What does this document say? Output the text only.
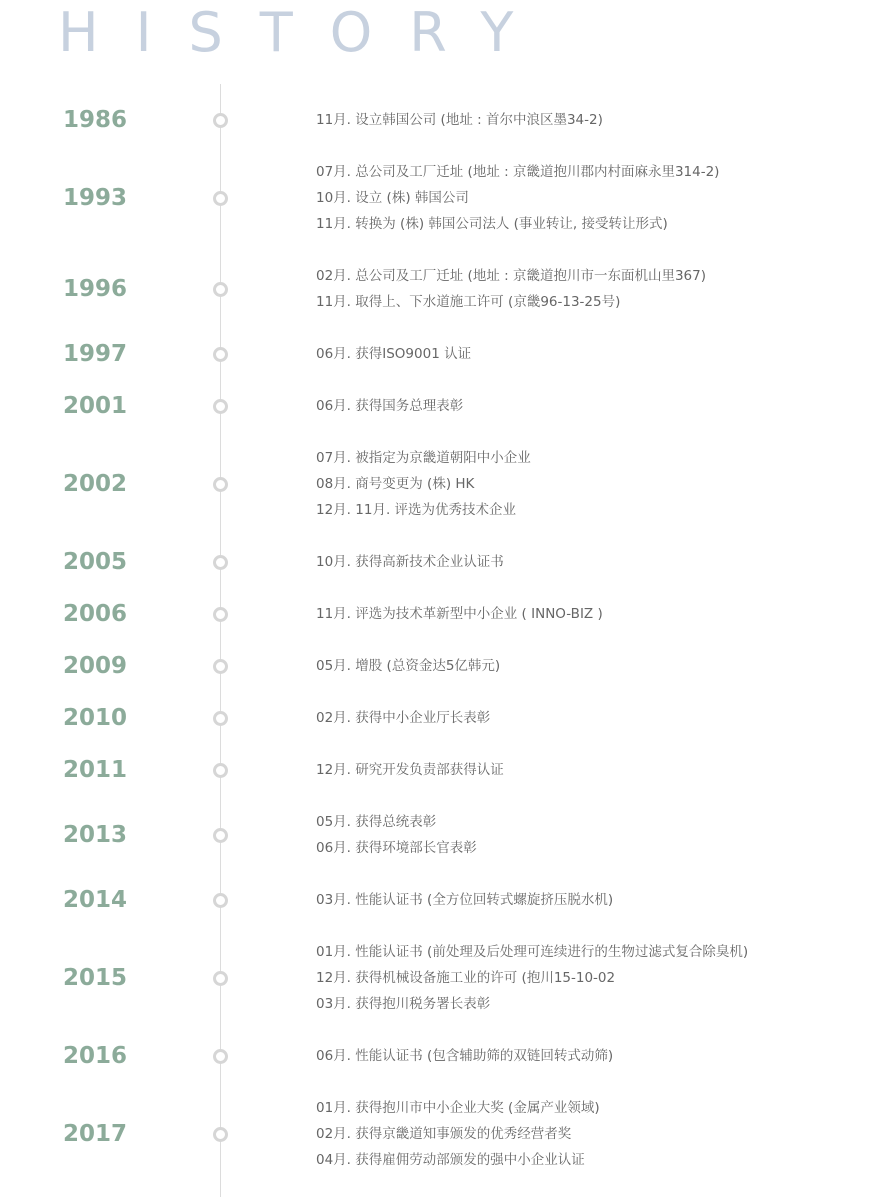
HISTORY
1986	11月. 设立韩国公司 (地址 : 首尔中浪区墨34-2)
1993
07月. 总公司及工厂迁址 (地址 : 京畿道抱川郡内村面麻永里314-2)
10月. 设立 (株) 韩国公司
11月. 转换为 (株) 韩国公司法人 (事业转让, 接受转让形式)
1996	02月. 总公司及工厂迁址 (地址 : 京畿道抱川市一东面机山里367)
11月. 取得上、下水道施工许可 (京畿96-13-25号)
1997	06月. 获得ISO9001 认证
2001	06月. 获得国务总理表彰
2002
07月. 被指定为京畿道朝阳中小企业
08月. 商号变更为 (株) HK
12月. 11月. 评选为优秀技术企业
2005	10月. 获得高新技术企业认证书
2006	11月. 评选为技术革新型中小企业 ( INNO-BIZ )
2009	05月. 增股 (总资金达5亿韩元)
2010	02月. 获得中小企业厅长表彰
2011	12月. 研究开发负责部获得认证
2013	05月. 获得总统表彰
06月. 获得环境部长官表彰
2014	03月. 性能认证书 (全方位回转式螺旋挤压脱水机)
2015
01月. 性能认证书 (前处理及后处理可连续进行的生物过滤式复合除臭机)
12月. 获得机械设备施工业的许可 (抱川15-10-02
03月. 获得抱川税务署长表彰
2016	06月. 性能认证书 (包含辅助筛的双链回转式动筛)
2017
01月. 获得抱川市中小企业大奖 (金属产业领域)
02月. 获得京畿道知事颁发的优秀经营者奖
04月. 获得雇佣劳动部颁发的强中小企业认证
